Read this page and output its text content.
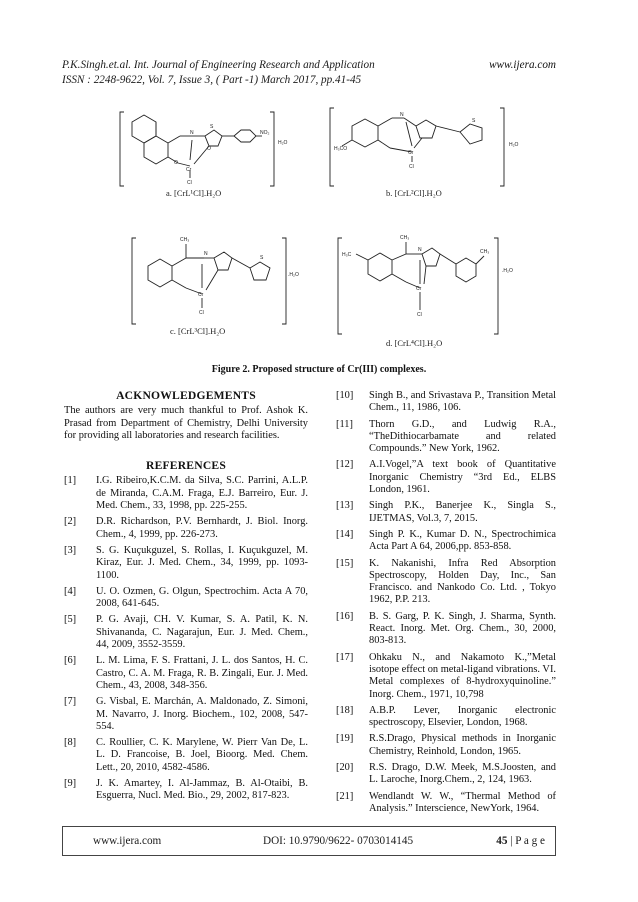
P.K.Singh.et.al. Int. Journal of Engineering Research and Application	www.ijera.com
ISSN : 2248-9622, Vol. 7, Issue 3, ( Part -1) March 2017, pp.41-45
O
Cr
Cl
N
S
O
NO₂
H₂O
a. [CrL¹Cl].H₂O
H₃CO
Cr
Cl
N
S
H₂O
b. [CrL²Cl].H₂O
CH₃
Cr
Cl
N
S
.H₂O
c. [CrL³Cl].H₂O
H₃C
CH₃
CH₃
Cr
Cl
N
.H₂O
d. [CrL⁴Cl].H₂O
Figure 2. Proposed structure of Cr(III) complexes.
ACKNOWLEDGEMENTS
The authors are very much thankful to Prof. Ashok K. Prasad from Department of Chemistry, Delhi University for providing all laboratories and research facilities.
REFERENCES
[1]	I.G. Ribeiro,K.C.M. da Silva, S.C. Parrini, A.L.P. de Miranda, C.A.M. Fraga, E.J. Barreiro, Eur. J. Med. Chem., 33, 1998, pp. 225-255.
[2]	D.R. Richardson, P.V. Bernhardt, J. Biol. Inorg. Chem., 4, 1999, pp. 226-273.
[3]	S. G. Kuçukguzel, S. Rollas, I. Kuçukguzel, M. Kiraz, Eur. J. Med. Chem., 34, 1999, pp. 1093-1100.
[4]	U. O. Ozmen, G. Olgun, Spectrochim. Acta A 70, 2008, 641-645.
[5]	P. G. Avaji, CH. V. Kumar, S. A. Patil, K. N. Shivananda, C. Nagarajun, Eur. J. Med. Chem., 44, 2009, 3552-3559.
[6]	L. M. Lima, F. S. Frattani, J. L. dos Santos, H. C. Castro, C. A. M. Fraga, R. B. Zingali, Eur. J. Med. Chem., 43, 2008, 348-356.
[7]	G. Visbal, E. Marchán, A. Maldonado, Z. Simoni, M. Navarro, J. Inorg. Biochem., 102, 2008, 547-554.
[8]	C. Roullier, C. K. Marylene, W. Pierr Van De, L. L. D. Francoise, B. Joel, Bioorg. Med. Chem. Lett., 20, 2010, 4582-4586.
[9]	J. K. Amartey, I. Al-Jammaz, B. Al-Otaibi, B. Esguerra, Nucl. Med. Bio., 29, 2002, 817-823.
[10]	Singh B., and Srivastava P., Transition Metal Chem., 11, 1986, 106.
[11]	Thorn G.D., and Ludwig R.A., “TheDithiocarbamate and related Compounds.” New York, 1962.
[12]	A.I.Vogel,”A text book of Quantitative Inorganic Chemistry “3rd Ed., ELBS London, 1961.
[13]	Singh P.K., Banerjee K., Singla S., IJETMAS, Vol.3, 7, 2015.
[14]	Singh P. K., Kumar D. N., Spectrochimica Acta Part A 64, 2006,pp. 853-858.
[15]	K. Nakanishi, Infra Red Absorption Spectroscopy, Holden Day, Inc., San Francisco. and Nankodo Co. Ltd. , Tokyo 1962, P.P. 213.
[16]	B. S. Garg, P. K. Singh, J. Sharma, Synth. React. Inorg. Met. Org. Chem., 30, 2000, 803-813.
[17]	Ohkaku N., and Nakamoto K.,”Metal isotope effect on metal-ligand vibrations. VI. Metal complexes of 8-hydroxyquinoline.” Inorg. Chem., 1971, 10,798
[18]	A.B.P. Lever, Inorganic electronic spectroscopy, Elsevier, London, 1968.
[19]	R.S.Drago, Physical methods in Inorganic Chemistry, Reinhold, London, 1965.
[20]	R.S. Drago, D.W. Meek, M.S.Joosten, and L. Laroche, Inorg.Chem., 2, 124, 1963.
[21]	Wendlandt W. W., “Thermal Method of Analysis.” Interscience, NewYork, 1964.
www.ijera.com	DOI: 10.9790/9622- 0703014145	45 | P a g e
